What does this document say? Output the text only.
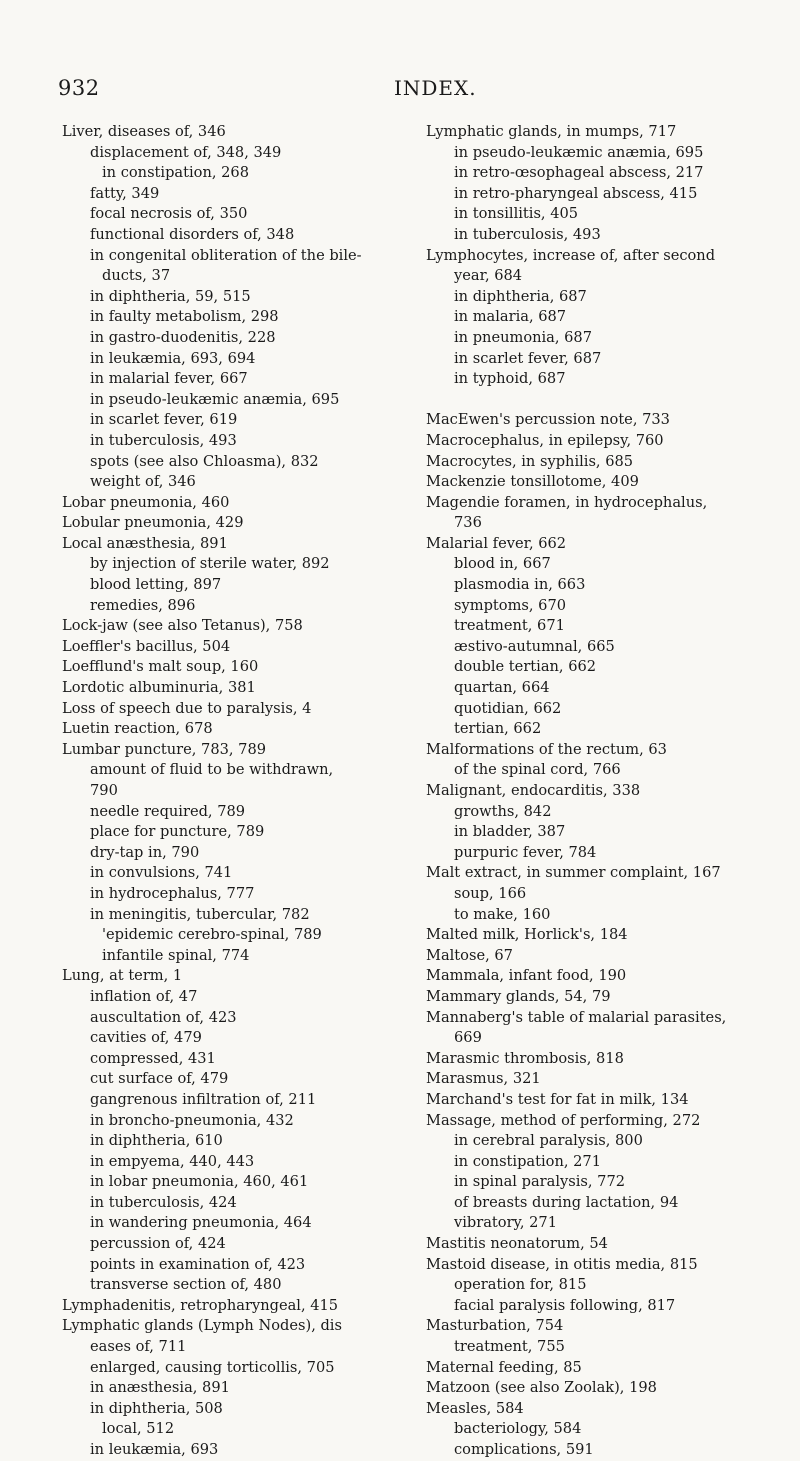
932	INDEX.
Liver, diseases of, 346
displacement of, 348, 349
in constipation, 268
fatty, 349
focal necrosis of, 350
functional disorders of, 348
in congenital obliteration of the bile-
ducts, 37
in diphtheria, 59, 515
in faulty metabolism, 298
in gastro-duodenitis, 228
in leukæmia, 693, 694
in malarial fever, 667
in pseudo-leukæmic anæmia, 695
in scarlet fever, 619
in tuberculosis, 493
spots (see also Chloasma), 832
weight of, 346
Lobar pneumonia, 460
Lobular pneumonia, 429
Local anæsthesia, 891
by injection of sterile water, 892
blood letting, 897
remedies, 896
Lock-jaw (see also Tetanus), 758
Loeffler's bacillus, 504
Loefflund's malt soup, 160
Lordotic albuminuria, 381
Loss of speech due to paralysis, 4
Luetin reaction, 678
Lumbar puncture, 783, 789
amount of fluid to be withdrawn,
790
needle required, 789
place for puncture, 789
dry-tap in, 790
in convulsions, 741
in hydrocephalus, 777
in meningitis, tubercular, 782
'epidemic cerebro-spinal, 789
infantile spinal, 774
Lung, at term, 1
inflation of, 47
auscultation of, 423
cavities of, 479
compressed, 431
cut surface of, 479
gangrenous infiltration of, 211
in broncho-pneumonia, 432
in diphtheria, 610
in empyema, 440, 443
in lobar pneumonia, 460, 461
in tuberculosis, 424
in wandering pneumonia, 464
percussion of, 424
points in examination of, 423
transverse section of, 480
Lymphadenitis, retropharyngeal, 415
Lymphatic glands (Lymph Nodes), dis
eases of, 711
enlarged, causing torticollis, 705
in anæsthesia, 891
in diphtheria, 508
local, 512
in leukæmia, 693
Lymphatic glands, in mumps, 717
in pseudo-leukæmic anæmia, 695
in retro-œsophageal abscess, 217
in retro-pharyngeal abscess, 415
in tonsillitis, 405
in tuberculosis, 493
Lymphocytes, increase of, after second
year, 684
in diphtheria, 687
in malaria, 687
in pneumonia, 687
in scarlet fever, 687
in typhoid, 687
MacEwen's percussion note, 733
Macrocephalus, in epilepsy, 760
Macrocytes, in syphilis, 685
Mackenzie tonsillotome, 409
Magendie foramen, in hydrocephalus,
736
Malarial fever, 662
blood in, 667
plasmodia in, 663
symptoms, 670
treatment, 671
æstivo-autumnal, 665
double tertian, 662
quartan, 664
quotidian, 662
tertian, 662
Malformations of the rectum, 63
of the spinal cord, 766
Malignant, endocarditis, 338
growths, 842
in bladder, 387
purpuric fever, 784
Malt extract, in summer complaint, 167
soup, 166
to make, 160
Malted milk, Horlick's, 184
Maltose, 67
Mammala, infant food, 190
Mammary glands, 54, 79
Mannaberg's table of malarial parasites,
669
Marasmic thrombosis, 818
Marasmus, 321
Marchand's test for fat in milk, 134
Massage, method of performing, 272
in cerebral paralysis, 800
in constipation, 271
in spinal paralysis, 772
of breasts during lactation, 94
vibratory, 271
Mastitis neonatorum, 54
Mastoid disease, in otitis media, 815
operation for, 815
facial paralysis following, 817
Masturbation, 754
treatment, 755
Maternal feeding, 85
Matzoon (see also Zoolak), 198
Measles, 584
bacteriology, 584
complications, 591
